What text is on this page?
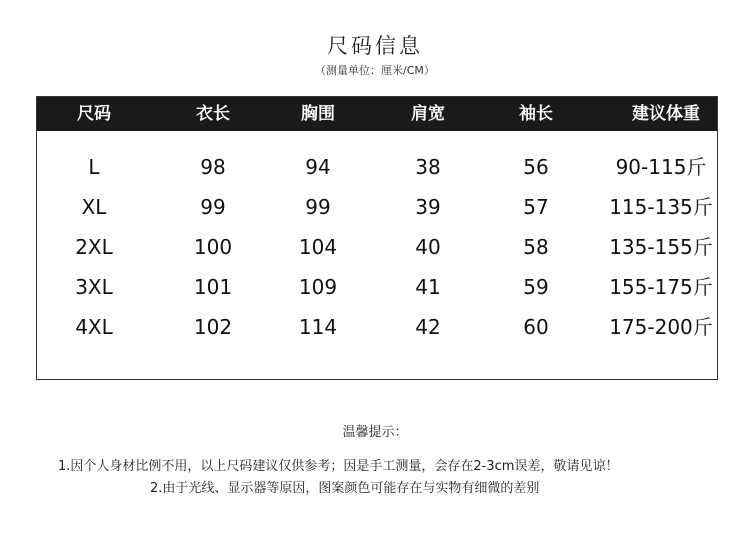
尺码信息
（测量单位：厘米/CM）
尺码	衣长	胸围	肩宽	袖长	建议体重
L	98	94	38	56	90-115斤
XL	99	99	39	57	115-135斤
2XL	100	104	40	58	135-155斤
3XL	101	109	41	59	155-175斤
4XL	102	114	42	60	175-200斤
温馨提示：
1.因个人身材比例不用，以上尺码建议仅供参考；因是手工测量，会存在2-3cm误差，敬请见谅！
2.由于光线、显示器等原因，图案颜色可能存在与实物有细微的差别
